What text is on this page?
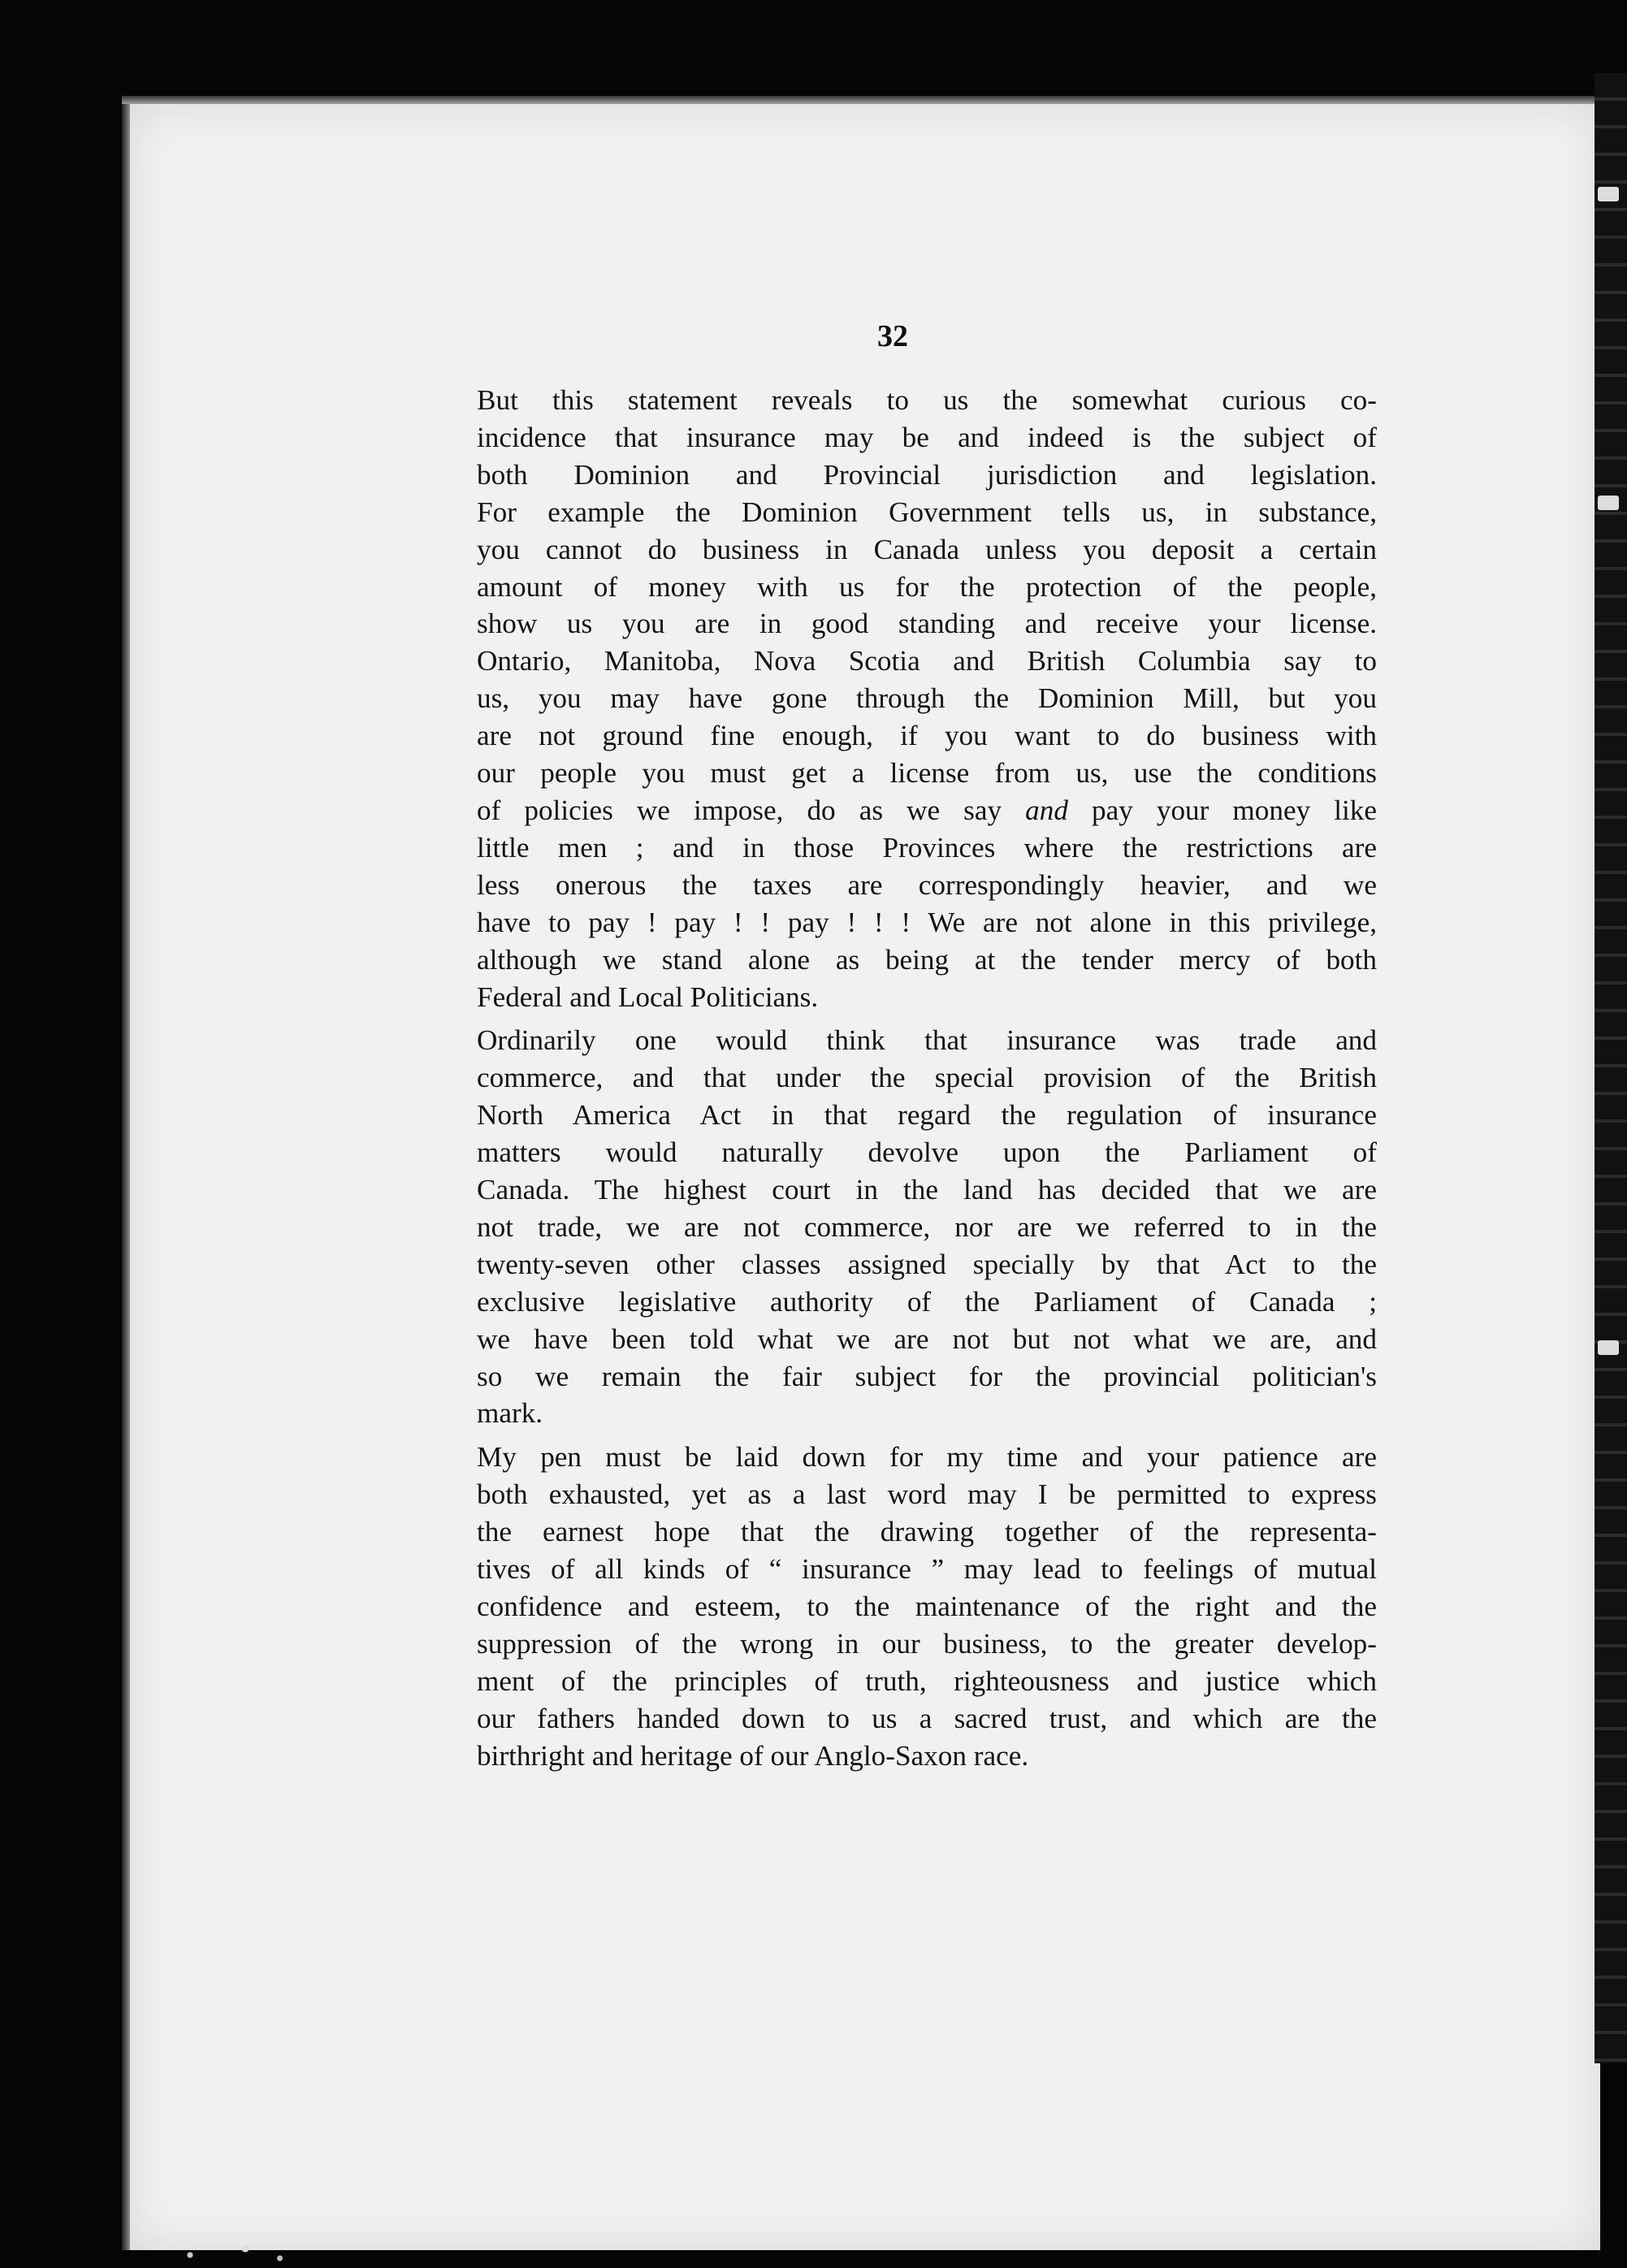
32

But this statement reveals to us the somewhat curious co-
incidence that insurance may be and indeed is the subject of
both Dominion and Provincial jurisdiction and legislation.
For example the Dominion Government tells us, in substance,
you cannot do business in Canada unless you deposit a certain
amount of money with us for the protection of the people,
show us you are in good standing and receive your license.
Ontario, Manitoba, Nova Scotia and British Columbia say to
us, you may have gone through the Dominion Mill, but you
are not ground fine enough, if you want to do business with
our people you must get a license from us, use the conditions
of policies we impose, do as we say and pay your money like
little men ; and in those Provinces where the restrictions are
less onerous the taxes are correspondingly heavier, and we
have to pay ! pay ! ! pay ! ! ! We are not alone in this privilege,
although we stand alone as being at the tender mercy of both
Federal and Local Politicians.

Ordinarily one would think that insurance was trade and
commerce, and that under the special provision of the British
North America Act in that regard the regulation of insurance
matters would naturally devolve upon the Parliament of
Canada. The highest court in the land has decided that we are
not trade, we are not commerce, nor are we referred to in the
twenty-seven other classes assigned specially by that Act to the
exclusive legislative authority of the Parliament of Canada ;
we have been told what we are not but not what we are, and
so we remain the fair subject for the provincial politician's
mark.

My pen must be laid down for my time and your patience are
both exhausted, yet as a last word may I be permitted to express
the earnest hope that the drawing together of the representa-
tives of all kinds of “ insurance ” may lead to feelings of mutual
confidence and esteem, to the maintenance of the right and the
suppression of the wrong in our business, to the greater develop-
ment of the principles of truth, righteousness and justice which
our fathers handed down to us a sacred trust, and which are the
birthright and heritage of our Anglo-Saxon race.
